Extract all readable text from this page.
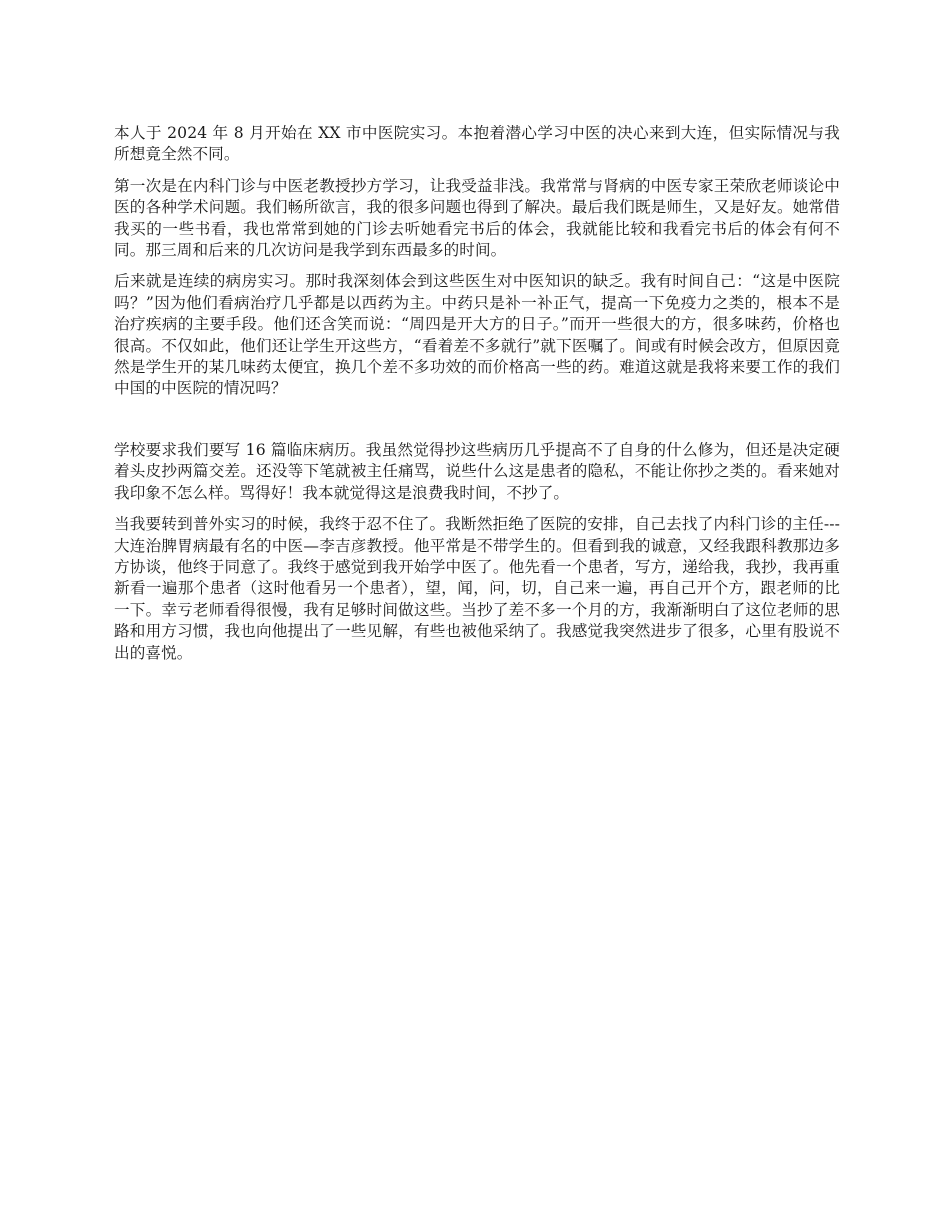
本人于 2024 年 8 月开始在 XX 市中医院实习。本抱着潜心学习中医的决心来到大连，但实际情况与我所想竟全然不同。

第一次是在内科门诊与中医老教授抄方学习，让我受益非浅。我常常与肾病的中医专家王荣欣老师谈论中医的各种学术问题。我们畅所欲言，我的很多问题也得到了解决。最后我们既是师生，又是好友。她常借我买的一些书看，我也常常到她的门诊去听她看完书后的体会，我就能比较和我看完书后的体会有何不同。那三周和后来的几次访问是我学到东西最多的时间。

后来就是连续的病房实习。那时我深刻体会到这些医生对中医知识的缺乏。我有时间自己：“这是中医院吗？”因为他们看病治疗几乎都是以西药为主。中药只是补一补正气，提高一下免疫力之类的，根本不是治疗疾病的主要手段。他们还含笑而说：“周四是开大方的日子。”而开一些很大的方，很多味药，价格也很高。不仅如此，他们还让学生开这些方，“看着差不多就行”就下医嘱了。间或有时候会改方，但原因竟然是学生开的某几味药太便宜，换几个差不多功效的而价格高一些的药。难道这就是我将来要工作的我们中国的中医院的情况吗？

学校要求我们要写 16 篇临床病历。我虽然觉得抄这些病历几乎提高不了自身的什么修为，但还是决定硬着头皮抄两篇交差。还没等下笔就被主任痛骂，说些什么这是患者的隐私，不能让你抄之类的。看来她对我印象不怎么样。骂得好！我本就觉得这是浪费我时间，不抄了。

当我要转到普外实习的时候，我终于忍不住了。我断然拒绝了医院的安排，自己去找了内科门诊的主任---大连治脾胃病最有名的中医—李吉彦教授。他平常是不带学生的。但看到我的诚意，又经我跟科教那边多方协谈，他终于同意了。我终于感觉到我开始学中医了。他先看一个患者，写方，递给我，我抄，我再重新看一遍那个患者（这时他看另一个患者），望，闻，问，切，自己来一遍，再自己开个方，跟老师的比一下。幸亏老师看得很慢，我有足够时间做这些。当抄了差不多一个月的方，我渐渐明白了这位老师的思路和用方习惯，我也向他提出了一些见解，有些也被他采纳了。我感觉我突然进步了很多，心里有股说不出的喜悦。
